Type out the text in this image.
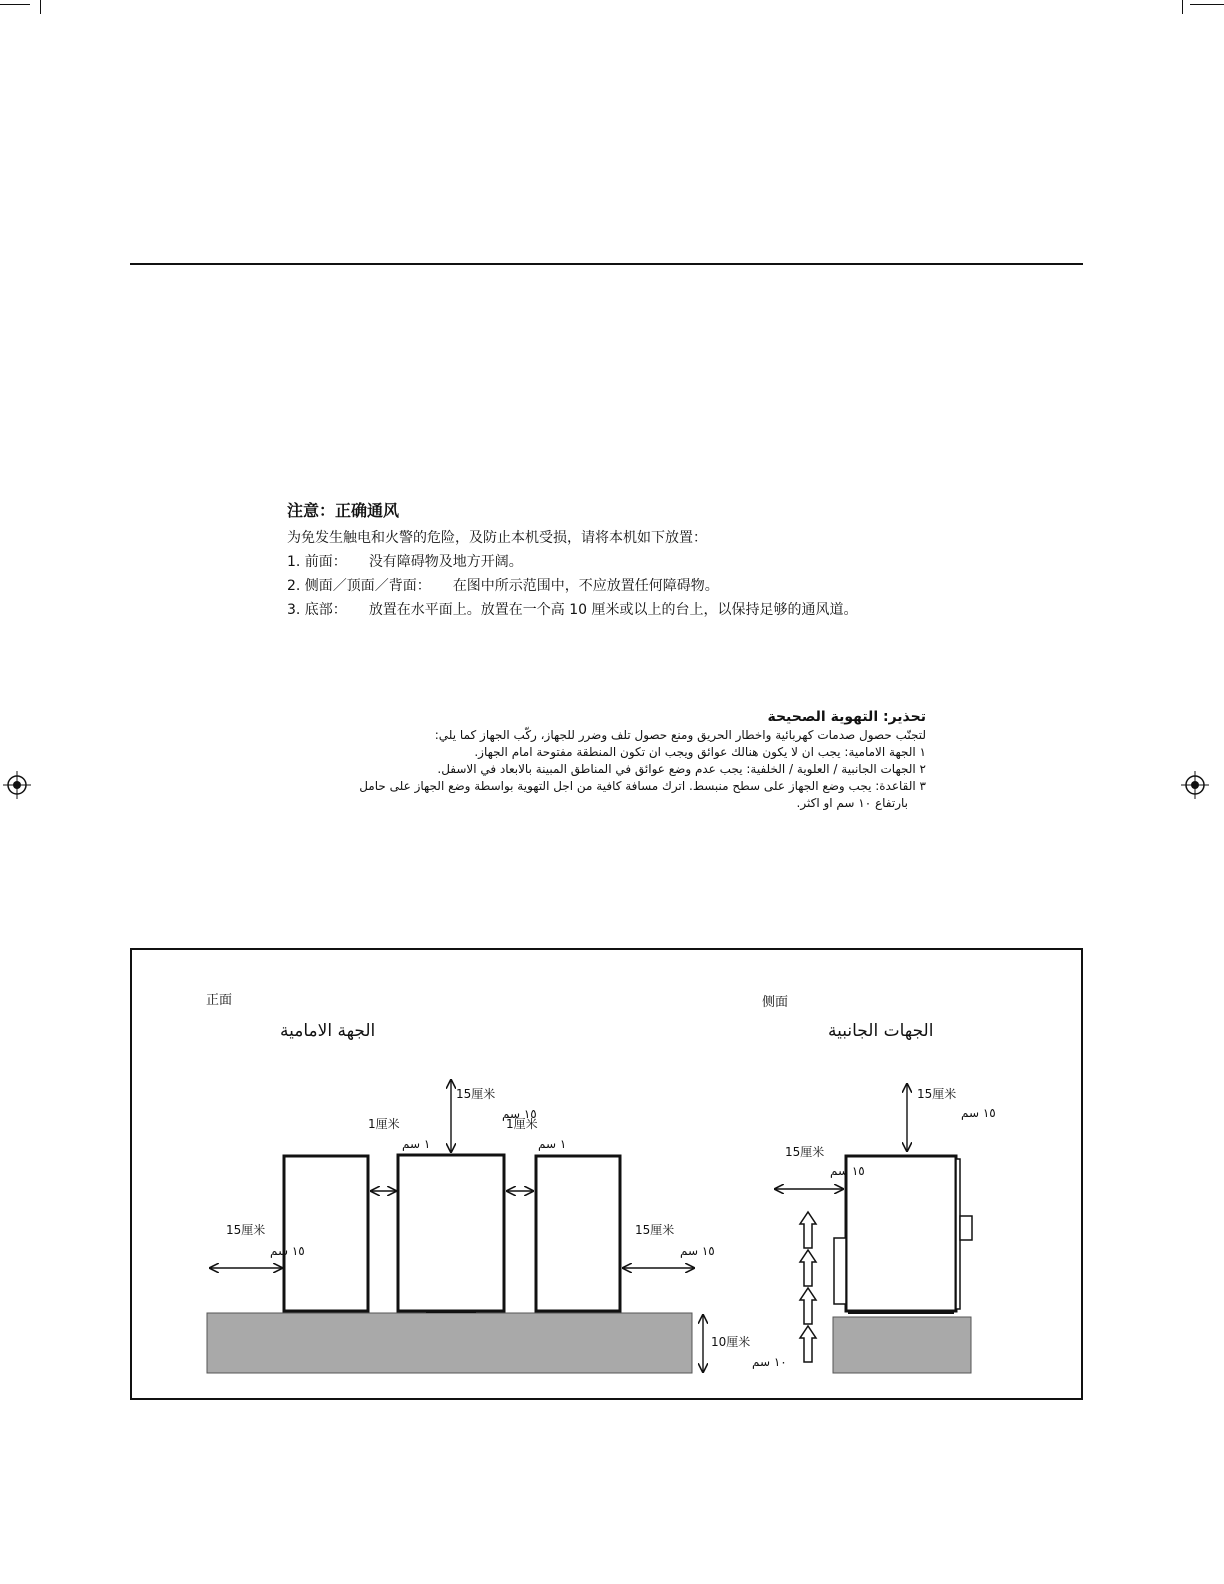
注意：正确通风
为免发生触电和火警的危险，及防止本机受损，请将本机如下放置：
1. 前面： 没有障碍物及地方开阔。
2. 侧面／顶面／背面： 在图中所示范围中，不应放置任何障碍物。
3. 底部： 放置在水平面上。放置在一个高 10 厘米或以上的台上，以保持足够的通风道。
تحذير: التهوية الصحيحة
لتجنّب حصول صدمات كهربائية واخطار الحريق ومنع حصول تلف وضرر للجهاز، ركّب الجهاز كما يلي:
١ الجهة الامامية: يجب ان لا يكون هنالك عوائق ويجب ان تكون المنطقة مفتوحة امام الجهاز.
٢ الجهات الجانبية / العلوية / الخلفية: يجب عدم وضع عوائق في المناطق المبينة بالابعاد في الاسفل.
٣ القاعدة: يجب وضع الجهاز على سطح منبسط. اترك مسافة كافية من اجل التهوية بواسطة وضع الجهاز على حامل
بارتفاع ١٠ سم او اكثر.
正面
الجهة الامامية
侧面
الجهات الجانبية
15厘米
١٥ سم
1厘米
١ سم
1厘米
١ سم
15厘米
١٥ سم
15厘米
١٥ سم
10厘米
١٠ سم
15厘米
١٥ سم
15厘米
١٥ سم
